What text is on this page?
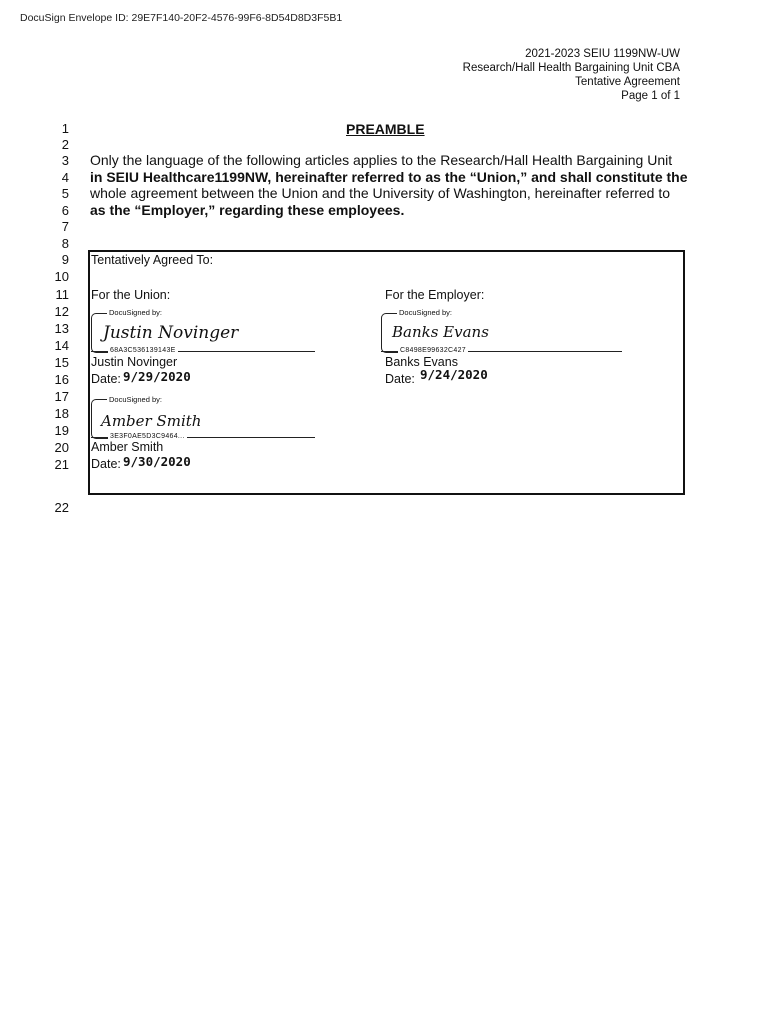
DocuSign Envelope ID: 29E7F140-20F2-4576-99F6-8D54D8D3F5B1
2021-2023 SEIU 1199NW-UW
Research/Hall Health Bargaining Unit CBA
Tentative Agreement
Page 1 of 1
1
2
3
4
5
6
7
8
9
10
11
12
13
14
15
16
17
18
19
20
21
22
PREAMBLE
Only the language of the following articles applies to the Research/Hall Health Bargaining Unit
in SEIU Healthcare1199NW, hereinafter referred to as the “Union,” and shall constitute the
whole agreement between the Union and the University of Washington, hereinafter referred to
as the “Employer,” regarding these employees.
Tentatively Agreed To:
For the Union:	For the Employer:
DocuSigned by:
Justin Novinger
68A3C536139143E
Justin Novinger
Date: 9/29/2020
DocuSigned by:
Banks Evans
C8498E99632C427
Banks Evans
Date: 9/24/2020
DocuSigned by:
Amber Smith
3E3F0AE5D3C9464...
Amber Smith
Date: 9/30/2020
